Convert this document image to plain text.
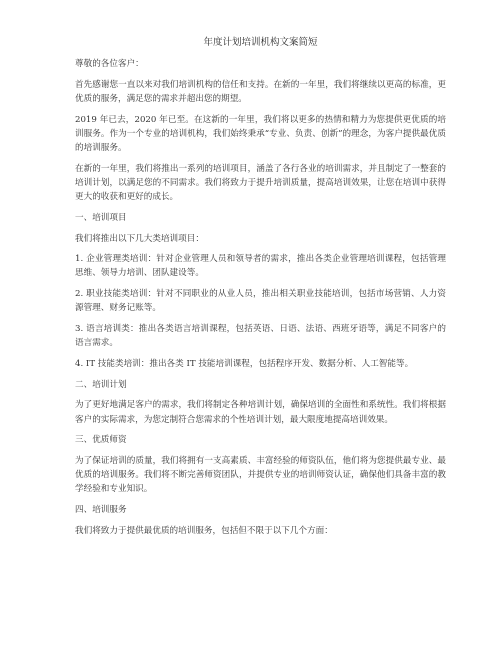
年度计划培训机构文案简短

尊敬的各位客户：

首先感谢您一直以来对我们培训机构的信任和支持。在新的一年里，我们将继续以更高的标准，更优质的服务，满足您的需求并超出您的期望。

2019 年已去，2020 年已至。在这新的一年里，我们将以更多的热情和精力为您提供更优质的培训服务。作为一个专业的培训机构，我们始终秉承“专业、负责、创新”的理念，为客户提供最优质的培训服务。

在新的一年里，我们将推出一系列的培训项目，涵盖了各行各业的培训需求，并且制定了一整套的培训计划，以满足您的不同需求。我们将致力于提升培训质量，提高培训效果，让您在培训中获得更大的收获和更好的成长。

一、培训项目

我们将推出以下几大类培训项目：

1. 企业管理类培训：针对企业管理人员和领导者的需求，推出各类企业管理培训课程，包括管理思维、领导力培训、团队建设等。

2. 职业技能类培训：针对不同职业的从业人员，推出相关职业技能培训，包括市场营销、人力资源管理、财务记账等。

3. 语言培训类：推出各类语言培训课程，包括英语、日语、法语、西班牙语等，满足不同客户的语言需求。

4. IT 技能类培训：推出各类 IT 技能培训课程，包括程序开发、数据分析、人工智能等。

二、培训计划

为了更好地满足客户的需求，我们将制定各种培训计划，确保培训的全面性和系统性。我们将根据客户的实际需求，为您定制符合您需求的个性培训计划，最大限度地提高培训效果。

三、优质师资

为了保证培训的质量，我们将拥有一支高素质、丰富经验的师资队伍，他们将为您提供最专业、最优质的培训服务。我们将不断完善师资团队，并提供专业的培训师资认证，确保他们具备丰富的教学经验和专业知识。

四、培训服务

我们将致力于提供最优质的培训服务，包括但不限于以下几个方面：
